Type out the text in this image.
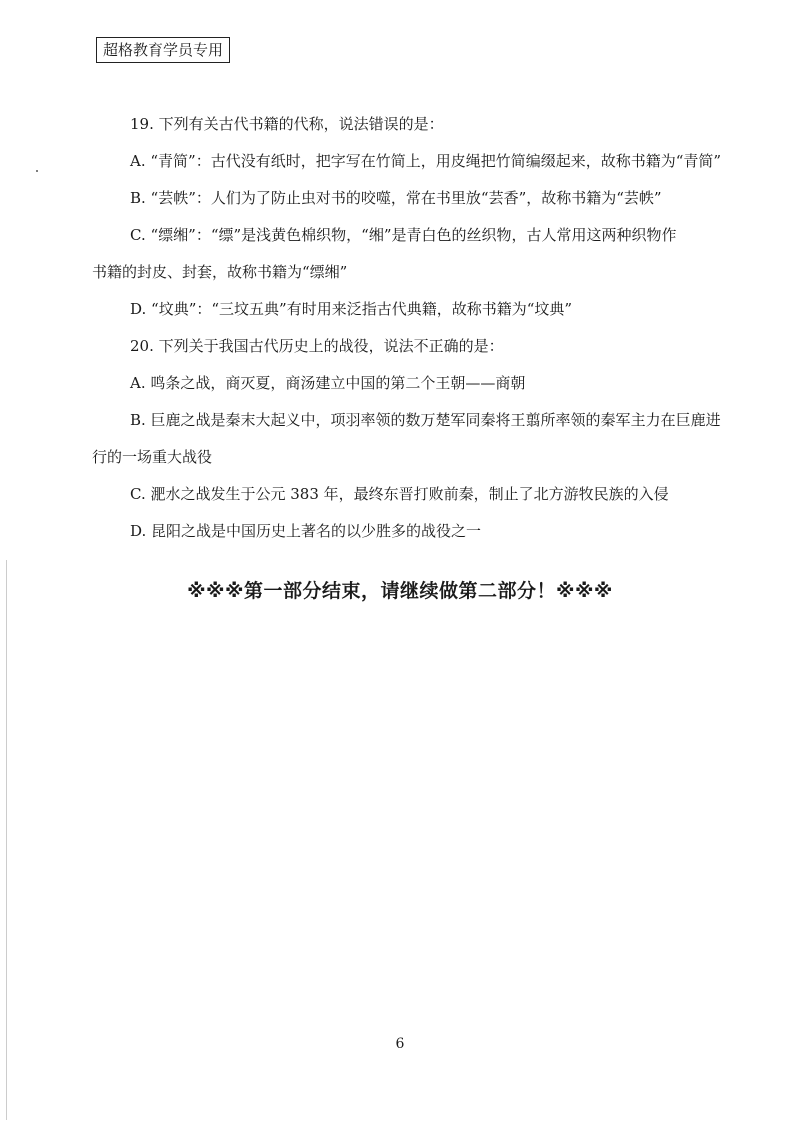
超格教育学员专用
19. 下列有关古代书籍的代称，说法错误的是：
A. “青简”：古代没有纸时，把字写在竹简上，用皮绳把竹简编缀起来，故称书籍为“青简”
B. “芸帙”：人们为了防止虫对书的咬噬，常在书里放“芸香”，故称书籍为“芸帙”
C. “缥缃”：“缥”是浅黄色棉织物，“缃”是青白色的丝织物，古人常用这两种织物作
书籍的封皮、封套，故称书籍为“缥缃”
D. “坟典”：“三坟五典”有时用来泛指古代典籍，故称书籍为“坟典”
20. 下列关于我国古代历史上的战役，说法不正确的是：
A. 鸣条之战，商灭夏，商汤建立中国的第二个王朝——商朝
B. 巨鹿之战是秦末大起义中，项羽率领的数万楚军同秦将王翦所率领的秦军主力在巨鹿进
行的一场重大战役
C. 淝水之战发生于公元 383 年，最终东晋打败前秦，制止了北方游牧民族的入侵
D. 昆阳之战是中国历史上著名的以少胜多的战役之一
※※※第一部分结束，请继续做第二部分！※※※
6
